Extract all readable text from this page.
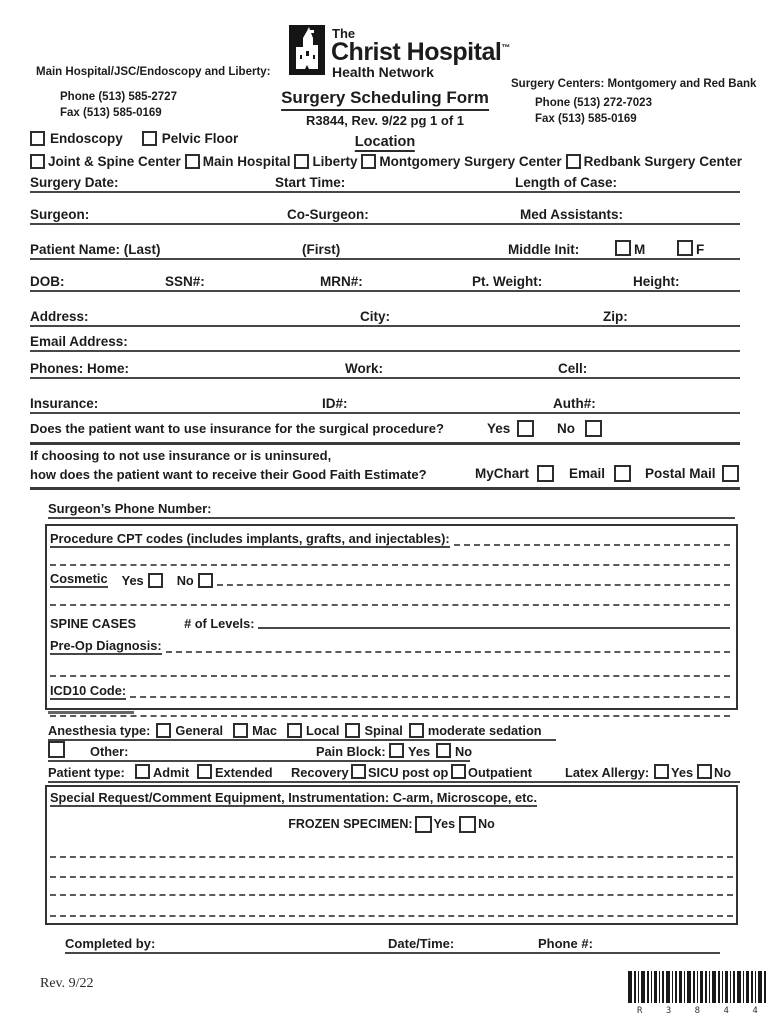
The
Christ Hospital™
Health Network
Main Hospital/JSC/Endoscopy and Liberty:
Phone (513) 585-2727
Fax (513) 585-0169
Surgery Scheduling Form
R3844, Rev. 9/22 pg 1 of 1
Surgery Centers: Montgomery and Red Bank
Phone (513) 272-7023
Fax (513) 585-0169
Endoscopy	Pelvic Floor	Location
Joint & Spine Center Main Hospital Liberty Montgomery Surgery Center Redbank Surgery Center
Surgery Date:	Start Time:	Length of Case:
Surgeon:	Co-Surgeon:	Med Assistants:
Patient Name: (Last)	(First)	Middle Init:	M	F
DOB:	SSN#:	MRN#:	Pt. Weight:	Height:
Address:	City:	Zip:
Email Address:
Phones: Home:	Work:	Cell:
Insurance:	ID#:	Auth#:
Does the patient want to use insurance for the surgical procedure?	Yes	No
If choosing to not use insurance or is uninsured,
how does the patient want to receive their Good Faith Estimate?	MyChart	Email	Postal Mail
Surgeon’s Phone Number:
Procedure CPT codes (includes implants, grafts, and injectables):
Cosmetic Yes	No
SPINE CASES	# of Levels:
Pre-Op Diagnosis:
ICD10 Code:
Anesthesia type: General Mac Local Spinal moderate sedation
Other:	Pain Block: Yes No
Patient type: Admit Extended Recovery SICU post op Outpatient	Latex Allergy: Yes No
Special Request/Comment Equipment, Instrumentation: C-arm, Microscope, etc.
FROZEN SPECIMEN: Yes No
Completed by:	Date/Time:	Phone #:
Rev. 9/22
R 3 8 4 4
